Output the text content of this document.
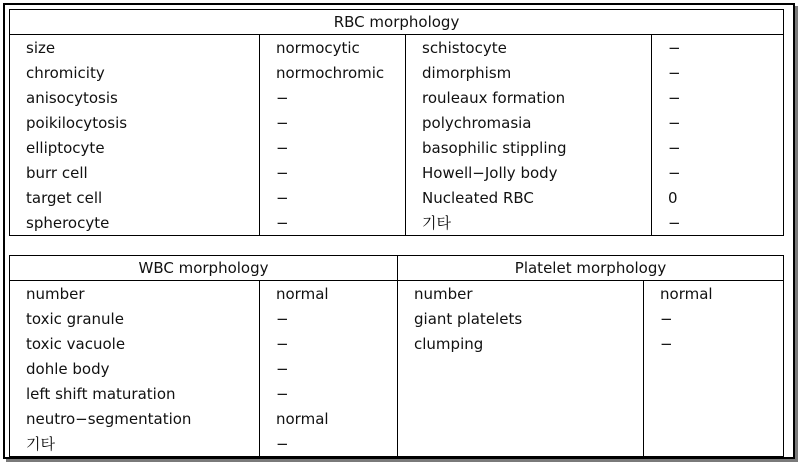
RBC morphology			
size	normocytic	schistocyte	−
chromicity	normochromic	dimorphism	−
anisocytosis	−	rouleaux formation	−
poikilocytosis	−	polychromasia	−
elliptocyte	−	basophilic stippling	−
burr cell	−	Howell−Jolly body	−
target cell	−	Nucleated RBC	0
spherocyte	−	기타	−
WBC morphology		Platelet morphology	
number	normal	number	normal
toxic granule	−	giant platelets	−
toxic vacuole	−	clumping	−
dohle body	−		
left shift maturation	−		
neutro−segmentation	normal		
기타	−		
